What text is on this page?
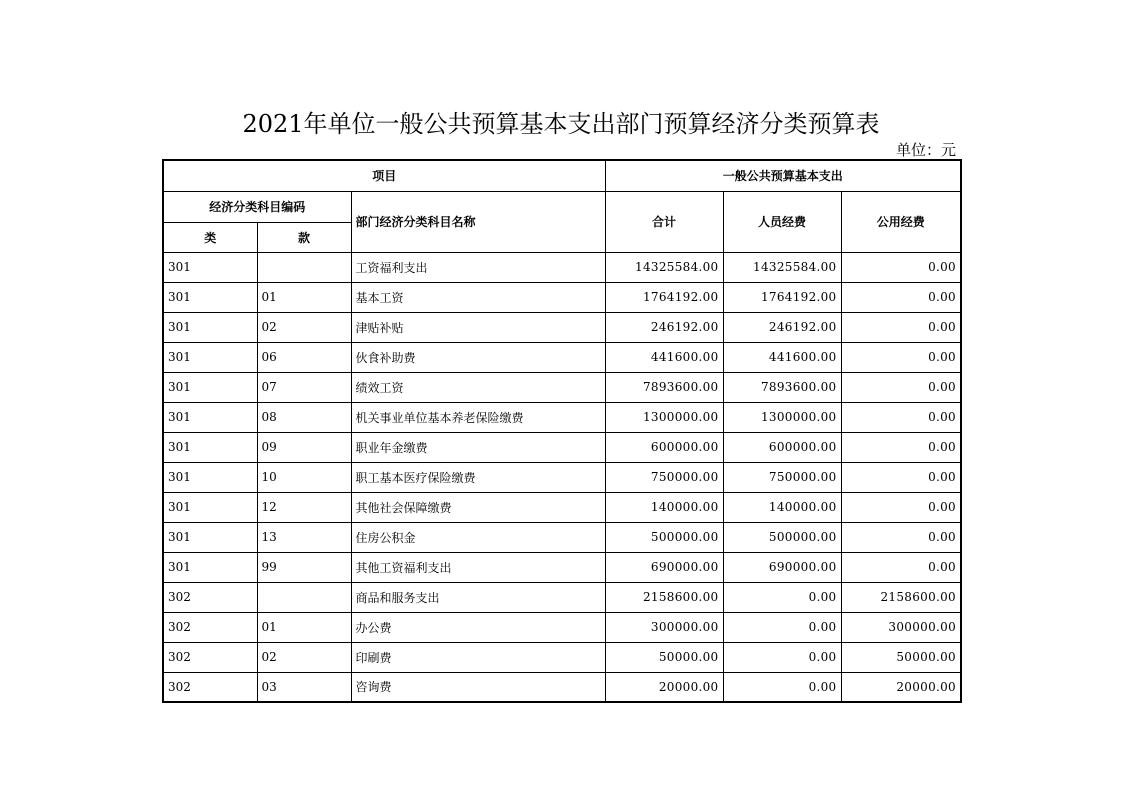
2021年单位一般公共预算基本支出部门预算经济分类预算表
单位：元
项目			一般公共预算基本支出		
经济分类科目编码		部门经济分类科目名称	合计	人员经费	公用经费
类	款				
301		工资福利支出	14325584.00	14325584.00	0.00
301	01	基本工资	1764192.00	1764192.00	0.00
301	02	津贴补贴	246192.00	246192.00	0.00
301	06	伙食补助费	441600.00	441600.00	0.00
301	07	绩效工资	7893600.00	7893600.00	0.00
301	08	机关事业单位基本养老保险缴费	1300000.00	1300000.00	0.00
301	09	职业年金缴费	600000.00	600000.00	0.00
301	10	职工基本医疗保险缴费	750000.00	750000.00	0.00
301	12	其他社会保障缴费	140000.00	140000.00	0.00
301	13	住房公积金	500000.00	500000.00	0.00
301	99	其他工资福利支出	690000.00	690000.00	0.00
302		商品和服务支出	2158600.00	0.00	2158600.00
302	01	办公费	300000.00	0.00	300000.00
302	02	印刷费	50000.00	0.00	50000.00
302	03	咨询费	20000.00	0.00	20000.00
